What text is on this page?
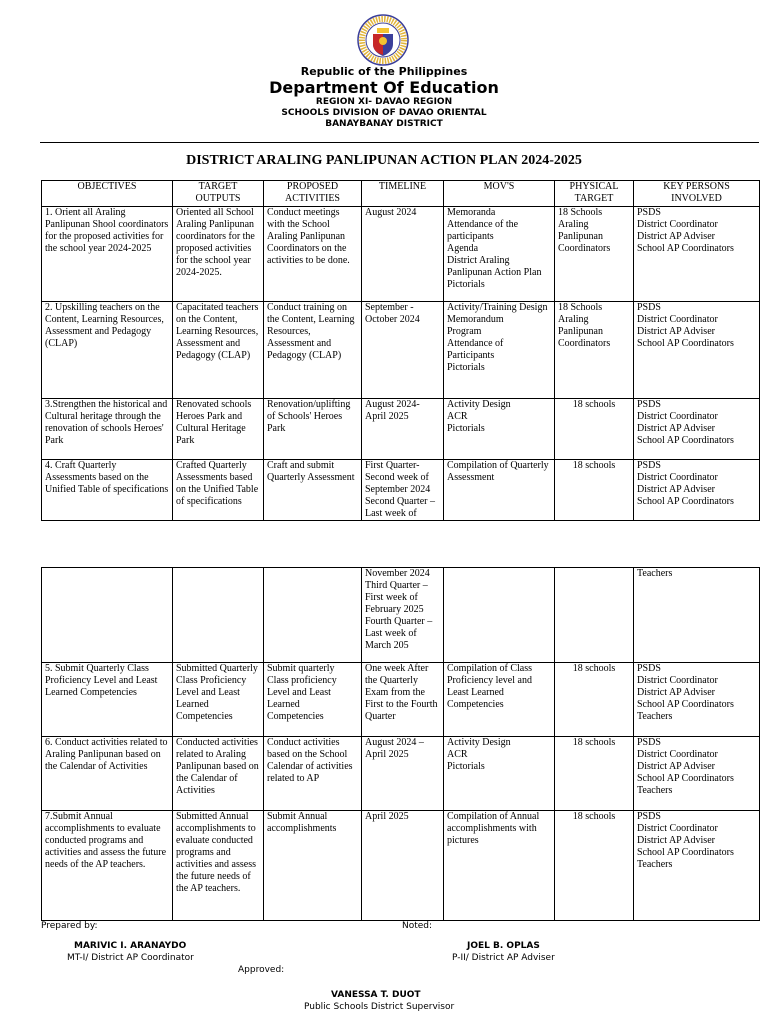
Republic of the Philippines
Department Of Education
REGION XI- DAVAO REGION
SCHOOLS DIVISION OF DAVAO ORIENTAL
BANAYBANAY DISTRICT
DISTRICT ARALING PANLIPUNAN ACTION PLAN 2024-2025
OBJECTIVES	TARGET OUTPUTS	PROPOSED ACTIVITIES	TIMELINE	MOV'S	PHYSICAL TARGET	KEY PERSONS INVOLVED
1. Orient all Araling Panlipunan Shool coordinators for the proposed activities for the school year 2024-2025	Oriented all School Araling Panlipunan coordinators for the proposed activities for the school year 2024-2025.	Conduct meetings with the School Araling Panlipunan Coordinators on the activities to be done.	August 2024	Memoranda
Attendance of the participants
Agenda
District Araling Panlipunan Action Plan
Pictorials	18 Schools Araling Panlipunan Coordinators	PSDS
District Coordinator
District AP Adviser
School AP Coordinators

2. Upskilling teachers on the Content, Learning Resources, Assessment and Pedagogy (CLAP)	Capacitated teachers on the Content, Learning Resources, Assessment and Pedagogy (CLAP)	Conduct training on the Content, Learning Resources, Assessment and Pedagogy (CLAP)	September - October 2024	Activity/Training Design
Memorandum
Program
Attendance of Participants
Pictorials	18 Schools Araling Panlipunan Coordinators	PSDS
District Coordinator
District AP Adviser
School AP Coordinators

3.Strengthen the historical and Cultural heritage through the renovation of schools Heroes' Park	Renovated schools Heroes Park and Cultural Heritage Park	Renovation/uplifting of Schools' Heroes Park	August 2024- April 2025	Activity Design
ACR
Pictorials	18 schools	PSDS
District Coordinator
District AP Adviser
School AP Coordinators

4. Craft Quarterly Assessments based on the Unified Table of specifications	Crafted Quarterly Assessments based on the Unified Table of specifications	Craft and submit Quarterly Assessment	First Quarter- Second week of September 2024 Second Quarter – Last week of	Compilation of Quarterly Assessment	18 schools	PSDS
District Coordinator
District AP Adviser
School AP Coordinators
			November 2024 Third Quarter – First week of February 2025 Fourth Quarter – Last week of March 205			Teachers
5. Submit Quarterly Class Proficiency Level and Least Learned Competencies	Submitted Quarterly Class Proficiency Level and Least Learned Competencies	Submit quarterly Class proficiency Level and Least Learned Competencies	One week After the Quarterly Exam from the First to the Fourth Quarter	Compilation of Class Proficiency level and Least Learned Competencies	18 schools	PSDS
District Coordinator
District AP Adviser
School AP Coordinators
Teachers

6. Conduct activities related to Araling Panlipunan based on the Calendar of Activities	Conducted activities related to Araling Panlipunan based on the Calendar of Activities	Conduct activities based on the School Calendar of activities related to AP	August 2024 – April 2025	Activity Design
ACR
Pictorials	18 schools	PSDS
District Coordinator
District AP Adviser
School AP Coordinators
Teachers

7.Submit Annual accomplishments to evaluate conducted programs and activities and assess the future needs of the AP teachers.	Submitted Annual accomplishments to evaluate conducted programs and activities and assess the future needs of the AP teachers.	Submit Annual accomplishments	April 2025	Compilation of Annual accomplishments with pictures	18 schools	PSDS
District Coordinator
District AP Adviser
School AP Coordinators
Teachers
Prepared by:
MARIVIC I. ARANAYDO
MT-I/ District AP Coordinator
Noted:
JOEL B. OPLAS
P-II/ District AP Adviser
Approved:
VANESSA T. DUOT
Public Schools District Supervisor
